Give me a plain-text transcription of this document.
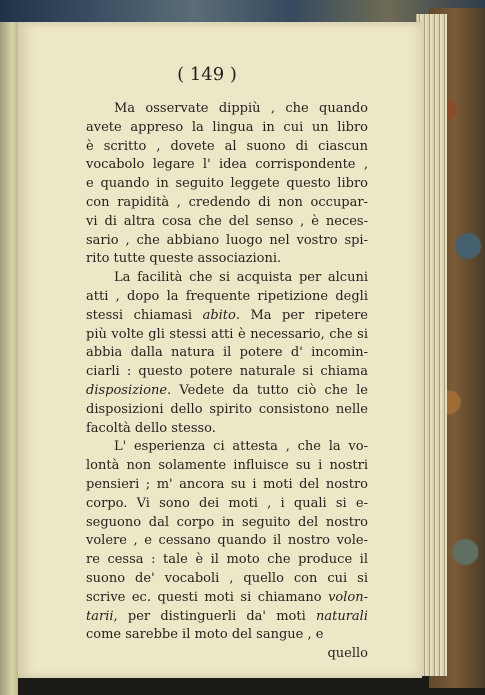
( 149 )
Ma osservate dippiù , che quando
avete appreso la lingua in cui un libro
è scritto , dovete al suono di ciascun
vocabolo legare l' idea corrispondente ,
e quando in seguito leggete questo libro
con rapidità , credendo di non occupar-
vi di altra cosa che del senso , è neces-
sario , che abbiano luogo nel vostro spi-
rito tutte queste associazioni.
La facilità che si acquista per alcuni
atti , dopo la frequente ripetizione degli
stessi chiamasi abito. Ma per ripetere
più volte gli stessi atti è necessario, che si
abbia dalla natura il potere d' incomin-
ciarli : questo potere naturale si chiama
disposizione. Vedete da tutto ciò che le
disposizioni dello spirito consistono nelle
facoltà dello stesso.
L' esperienza ci attesta , che la vo-
lontà non solamente influisce su i nostri
pensieri ; m' ancora su i moti del nostro
corpo. Vi sono dei moti , i quali si e-
seguono dal corpo in seguito del nostro
volere , e cessano quando il nostro vole-
re cessa : tale è il moto che produce il
suono de' vocaboli , quello con cui si
scrive ec. questi moti si chiamano volon-
tarii, per distinguerli da' moti naturali
come sarebbe il moto del sangue , e
quello
